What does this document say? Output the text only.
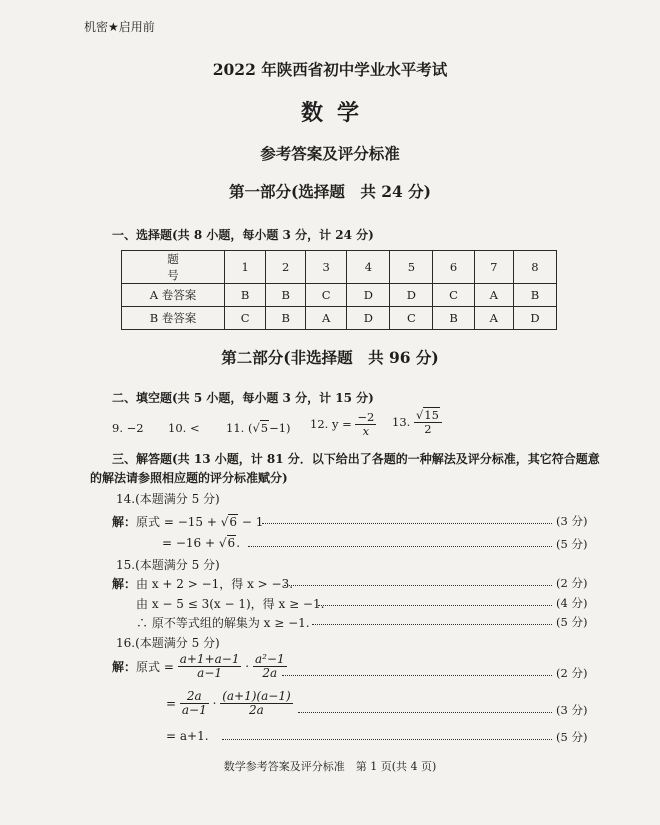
机密★启用前
2022 年陕西省初中学业水平考试
数学
参考答案及评分标准
第一部分(选择题　共 24 分)
一、选择题(共 8 小题，每小题 3 分，计 24 分)
题　号	1	2	3	4	5	6	7	8
A 卷答案	B	B	C	D	D	C	A	B
B 卷答案	C	B	A	D	C	B	A	D
第二部分(非选择题　共 96 分)
二、填空题(共 5 小题，每小题 3 分，计 15 分)
9. −2 10. < 11. (√5−1) 12. $y = \frac{-2}{x} 13$. $\frac{√15}{2}$
三、解答题(共 13 小题，计 81 分．以下给出了各题的一种解法及评分标准，其它符合题意
的解法请参照相应题的评分标准赋分)
14.(本题满分 5 分)
解：原式 = −15 + √6 − 1	(3 分)
= −16 + √6.	(5 分)
15.(本题满分 5 分)
解：由 x + 2 > −1，得 x > −3.	(2 分)
由 x − 5 ≤ 3(x − 1)，得 x ≥ −1.	(4 分)
∴ 原不等式组的解集为 x ≥ −1.	(5 分)
16.(本题满分 5 分)
解：原式 = $\frac{a+1+a-1}{a-1} \cdot \frac{\text{a²−1}}{2a}$	(2 分)
= $\frac{2a}{a-1} \cdot \frac{(a+1)(a-1)}{2a}$	(3 分)
= a+1.	(5 分)
数学参考答案及评分标准　第 1 页(共 4 页)
